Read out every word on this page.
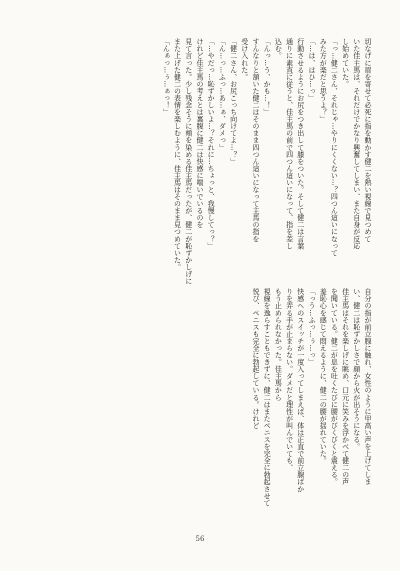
切なげに眉を寄せて必死に指を動かす健二を熱い視線で見つめて
いた佳主馬は、それだけでかなり興奮してしまい、また自身が反応
し始めていた。
「っ…健二さん、それじゃ…やりにくくない…？四つん這いになって
みた方が楽だと思うよ？」
「…は、はひ…っ」
行動させるようにお尻をつき出して膝をついた。そして健二は言葉
通りに素直に従うと、佳主馬の前で四つん這いになって、指を差し
込む。
「んっ…う、かも…！」
すんなりと頷いた健二はそのまま四つん這いになって主馬の指を
受け入れた。
「健二さん、お尻こっち向けてよ…？」
「ん…っ…ふっ…あ…ぁ、ダメっ」
「…やだっ…恥ずかしいよ…？それに…ちょっと、我慢してっ？」
けれど佳主馬の考えとは裏腹に健二は快感に喘いでいるのを
見て言った。少し残念そうに頬を染める佳主馬だったが、健二が恥ずかしげに
また上げた健二の表情を楽しむように、佳主馬はそのまま見つめていた。
「んぁっ…ぅ…ぁっ！」
自分の指が前立腺に触れ、女性のように甲高い声を上げてしま
い、健二は恥ずかしさで顔から火が出そうになる。
佳主馬はそれを楽しげに眺め、口元に笑みを浮かべて健二の声
を聞いている。健二が息を吐くたびに腰がびくびくと震える。
羞恥心を感じて悶えるように、健二の腰が揺れていた。
「っう…ふっ…ぅ…っ」
快感へのスイッチが一度入ってしまえば、体は正直で前立腺ばか
りを弄る手が止まらない。ダメだと理性が叫んでいても、
もう止められなかった。佳主馬から
視線を逸らすこともできずに、健二はまたペニスを完全に勃起させて
悦び、ペニスも完全に勃起している。けれど
56
